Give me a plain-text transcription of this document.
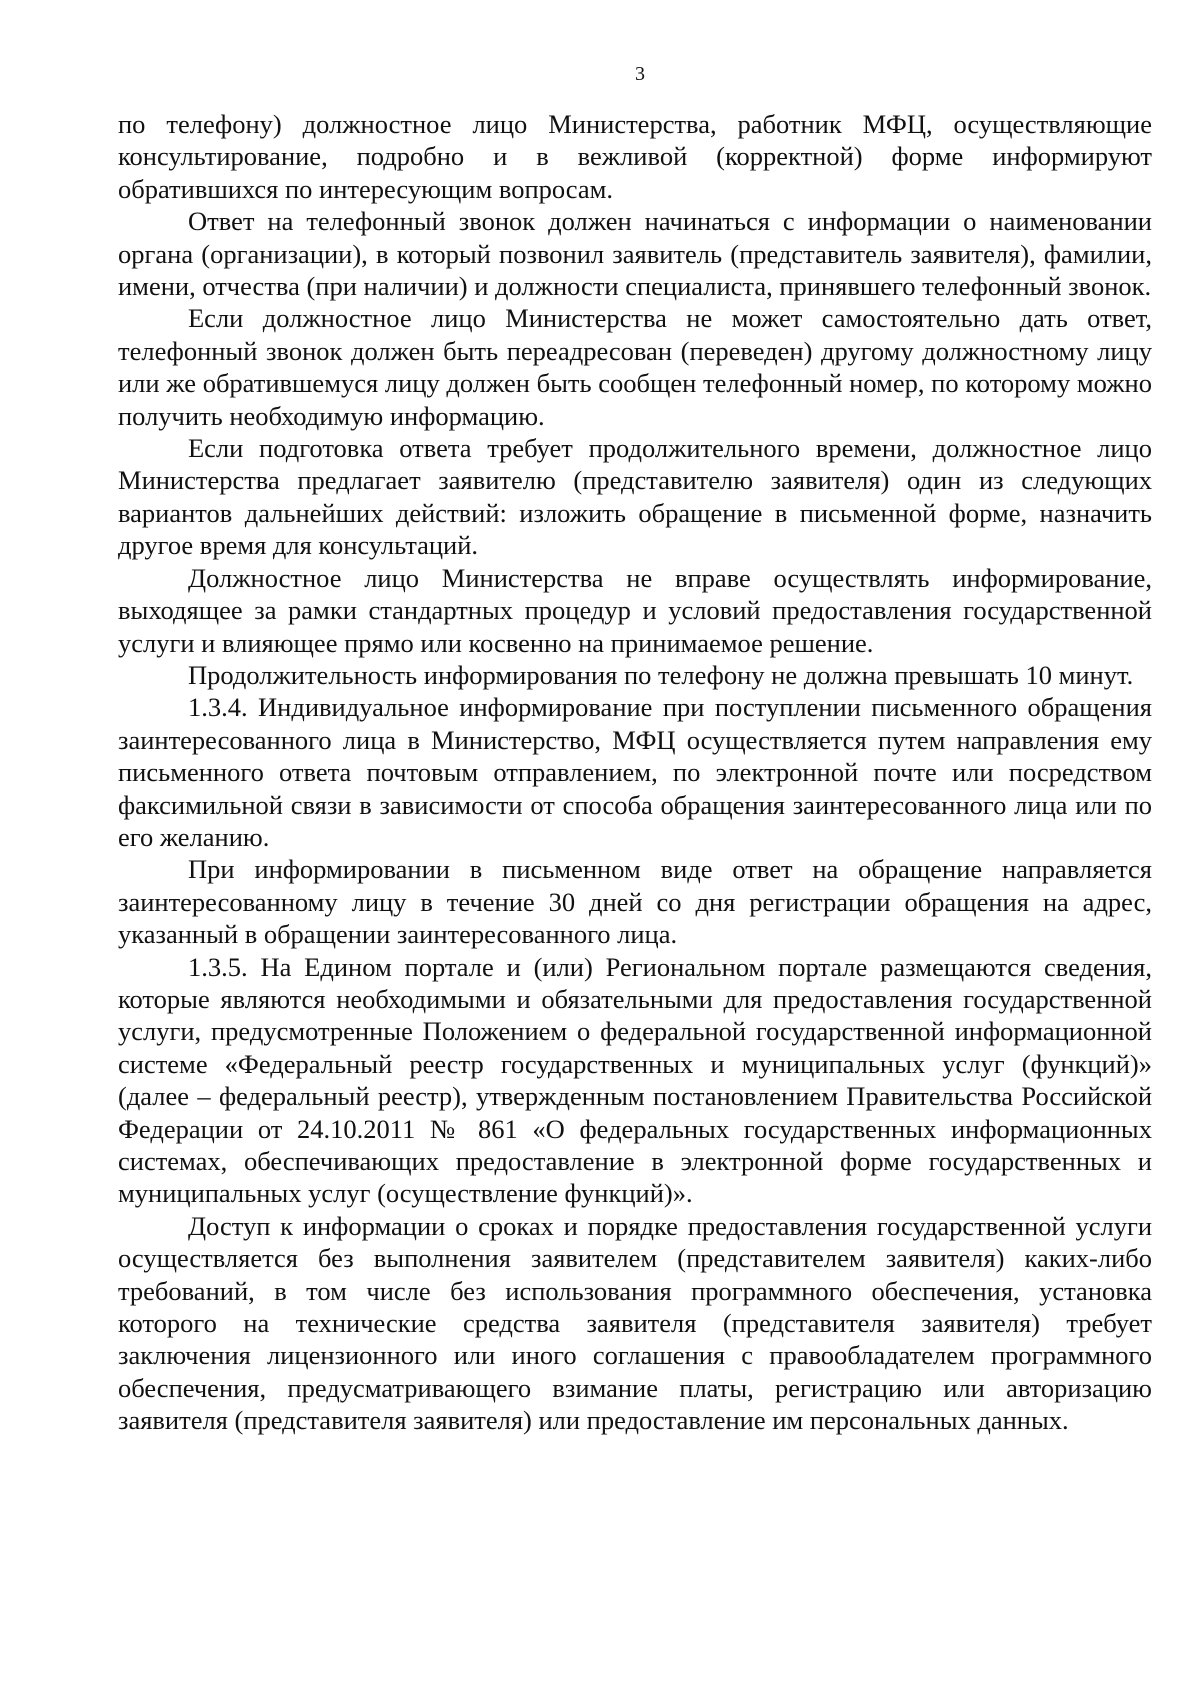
3

по телефону) должностное лицо Министерства, работник МФЦ, осуществляющие консультирование, подробно и в вежливой (корректной) форме информируют обратившихся по интересующим вопросам.

Ответ на телефонный звонок должен начинаться с информации о наименовании органа (организации), в который позвонил заявитель (представитель заявителя), фамилии, имени, отчества (при наличии) и должности специалиста, принявшего телефонный звонок.

Если должностное лицо Министерства не может самостоятельно дать ответ, телефонный звонок должен быть переадресован (переведен) другому должностному лицу или же обратившемуся лицу должен быть сообщен телефонный номер, по которому можно получить необходимую информацию.

Если подготовка ответа требует продолжительного времени, должностное лицо Министерства предлагает заявителю (представителю заявителя) один из следующих вариантов дальнейших действий: изложить обращение в письменной форме, назначить другое время для консультаций.

Должностное лицо Министерства не вправе осуществлять информирование, выходящее за рамки стандартных процедур и условий предоставления государственной услуги и влияющее прямо или косвенно на принимаемое решение.

Продолжительность информирования по телефону не должна превышать 10 минут.

1.3.4. Индивидуальное информирование при поступлении письменного обращения заинтересованного лица в Министерство, МФЦ осуществляется путем направления ему письменного ответа почтовым отправлением, по электронной почте или посредством факсимильной связи в зависимости от способа обращения заинтересованного лица или по его желанию.

При информировании в письменном виде ответ на обращение направляется заинтересованному лицу в течение 30 дней со дня регистрации обращения на адрес, указанный в обращении заинтересованного лица.

1.3.5. На Едином портале и (или) Региональном портале размещаются сведения, которые являются необходимыми и обязательными для предоставления государственной услуги, предусмотренные Положением о федеральной государственной информационной системе «Федеральный реестр государственных и муниципальных услуг (функций)» (далее – федеральный реестр), утвержденным постановлением Правительства Российской Федерации от 24.10.2011 № 861 «О федеральных государственных информационных системах, обеспечивающих предоставление в электронной форме государственных и муниципальных услуг (осуществление функций)».

Доступ к информации о сроках и порядке предоставления государственной услуги осуществляется без выполнения заявителем (представителем заявителя) каких-либо требований, в том числе без использования программного обеспечения, установка которого на технические средства заявителя (представителя заявителя) требует заключения лицензионного или иного соглашения с правообладателем программного обеспечения, предусматривающего взимание платы, регистрацию или авторизацию заявителя (представителя заявителя) или предоставление им персональных данных.
